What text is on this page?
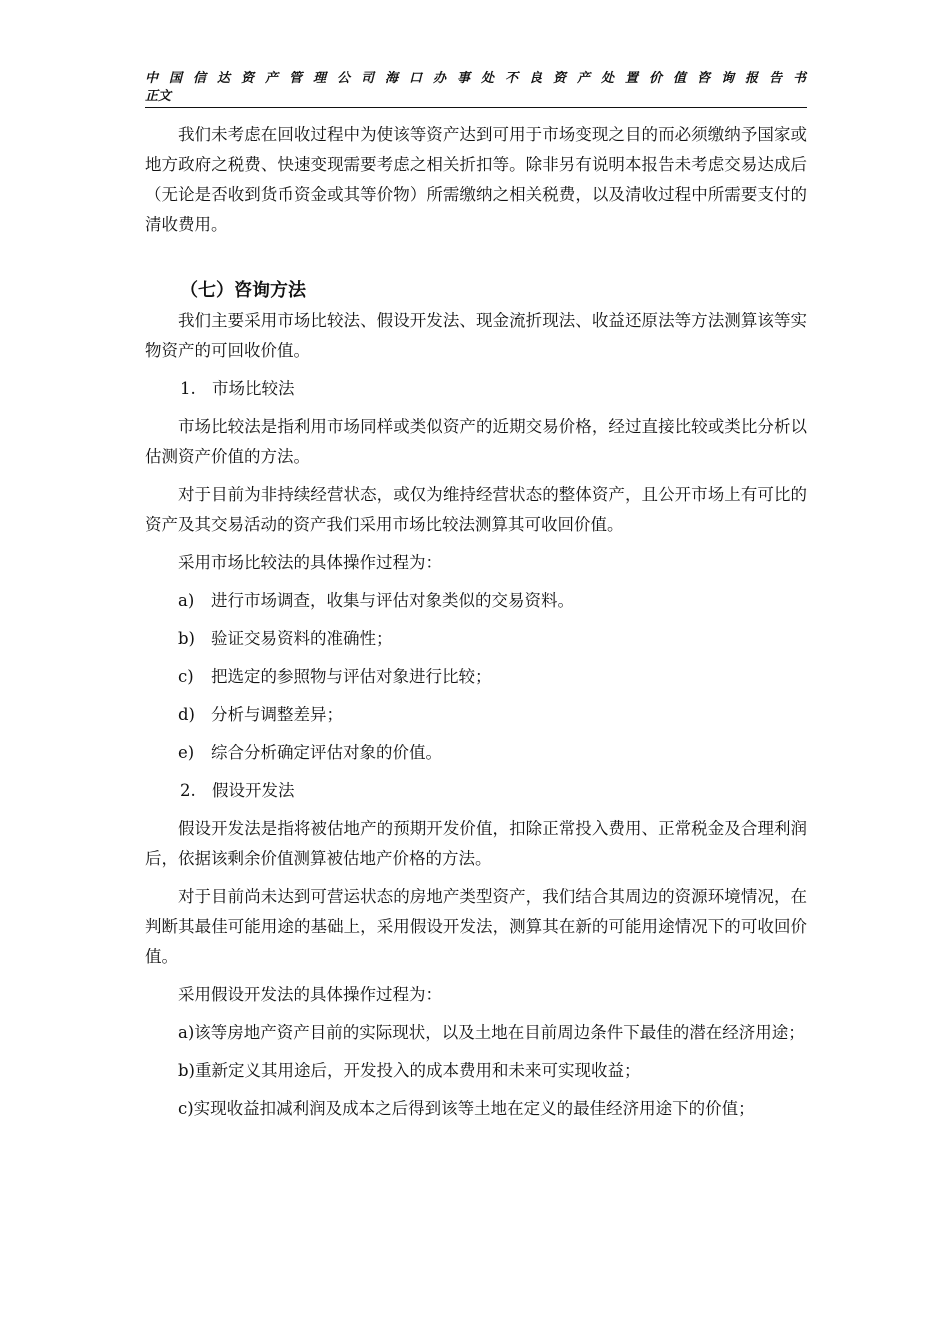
中国信达资产管理公司海口办事处不良资产处置价值咨询报告书
正文

我们未考虑在回收过程中为使该等资产达到可用于市场变现之目的而必须缴纳予国家或地方政府之税费、快速变现需要考虑之相关折扣等。除非另有说明本报告未考虑交易达成后（无论是否收到货币资金或其等价物）所需缴纳之相关税费，以及清收过程中所需要支付的清收费用。

（七）咨询方法

我们主要采用市场比较法、假设开发法、现金流折现法、收益还原法等方法测算该等实物资产的可回收价值。

1. 市场比较法

市场比较法是指利用市场同样或类似资产的近期交易价格，经过直接比较或类比分析以估测资产价值的方法。

对于目前为非持续经营状态，或仅为维持经营状态的整体资产，且公开市场上有可比的资产及其交易活动的资产我们采用市场比较法测算其可收回价值。

采用市场比较法的具体操作过程为：

a)	进行市场调查，收集与评估对象类似的交易资料。
b) 验证交易资料的准确性；
c)	把选定的参照物与评估对象进行比较；
d) 分析与调整差异；
e)	综合分析确定评估对象的价值。
2. 假设开发法

假设开发法是指将被估地产的预期开发价值，扣除正常投入费用、正常税金及合理利润后，依据该剩余价值测算被估地产价格的方法。

对于目前尚未达到可营运状态的房地产类型资产，我们结合其周边的资源环境情况，在判断其最佳可能用途的基础上，采用假设开发法，测算其在新的可能用途情况下的可收回价值。

采用假设开发法的具体操作过程为：

a)该等房地产资产目前的实际现状，以及土地在目前周边条件下最佳的潜在经济用途；

b)重新定义其用途后，开发投入的成本费用和未来可实现收益；

c)实现收益扣减利润及成本之后得到该等土地在定义的最佳经济用途下的价值；
